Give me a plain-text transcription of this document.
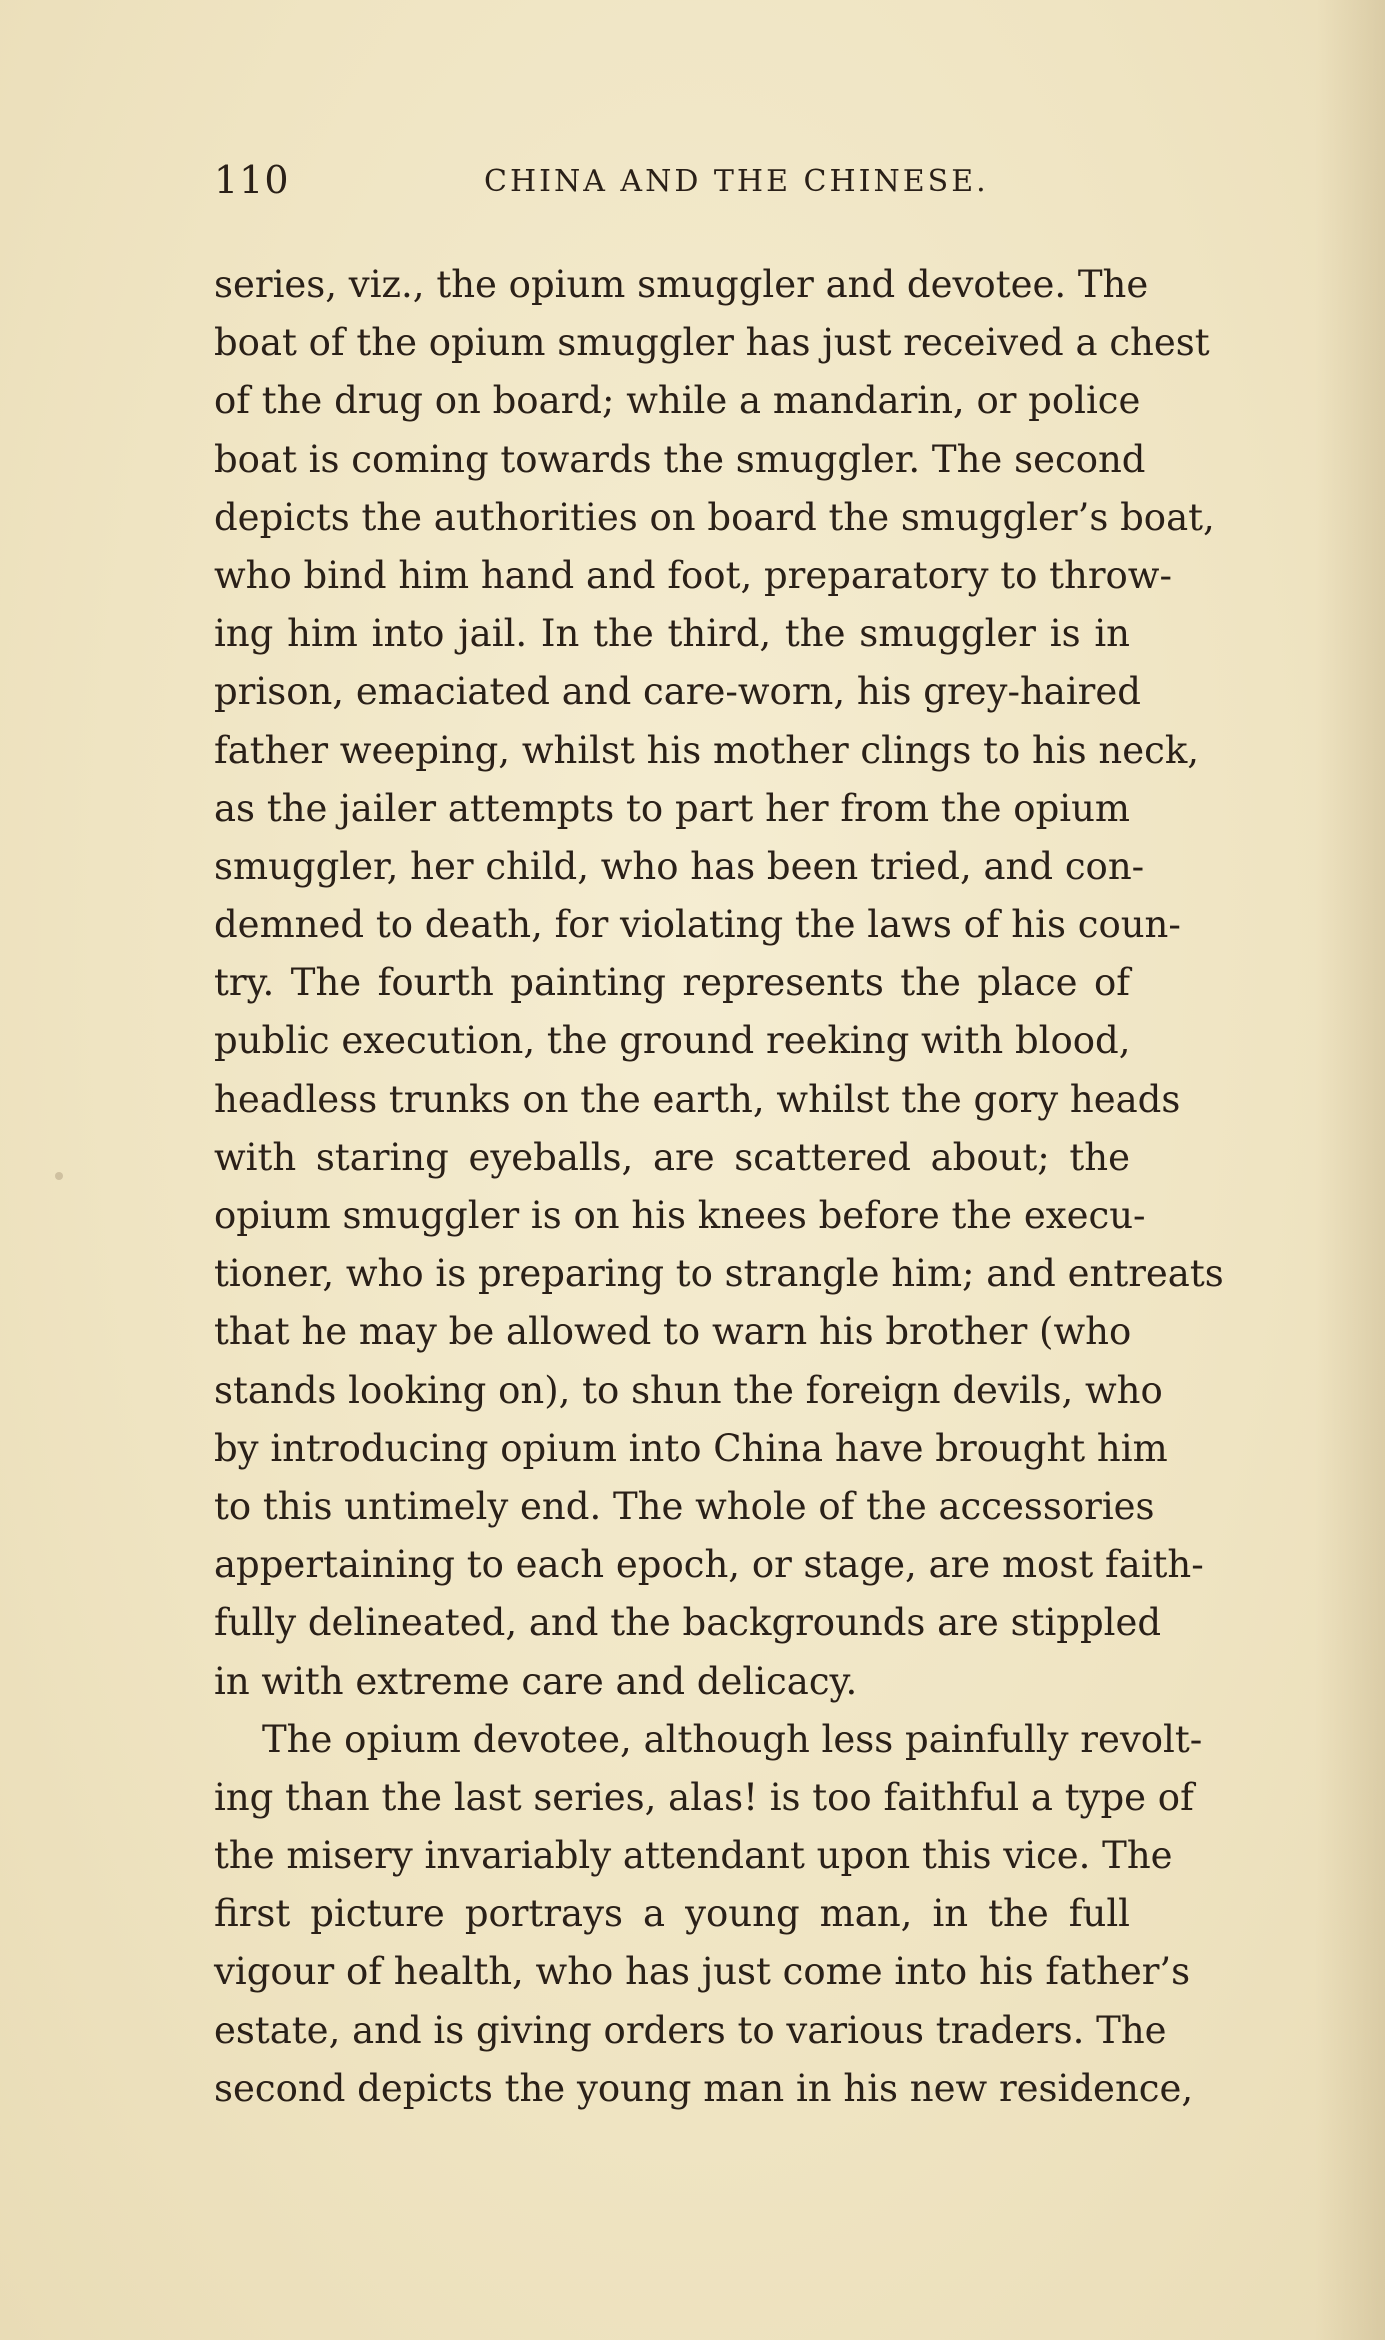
110	CHINA AND THE CHINESE.
series, viz., the opium smuggler and devotee. The
boat of the opium smuggler has just received a chest
of the drug on board; while a mandarin, or police
boat is coming towards the smuggler. The second
depicts the authorities on board the smuggler’s boat,
who bind him hand and foot, preparatory to throw-
ing him into jail. In the third, the smuggler is in
prison, emaciated and care-worn, his grey-haired
father weeping, whilst his mother clings to his neck,
as the jailer attempts to part her from the opium
smuggler, her child, who has been tried, and con-
demned to death, for violating the laws of his coun-
try. The fourth painting represents the place of
public execution, the ground reeking with blood,
headless trunks on the earth, whilst the gory heads
with staring eyeballs, are scattered about; the
opium smuggler is on his knees before the execu-
tioner, who is preparing to strangle him; and entreats
that he may be allowed to warn his brother (who
stands looking on), to shun the foreign devils, who
by introducing opium into China have brought him
to this untimely end. The whole of the accessories
appertaining to each epoch, or stage, are most faith-
fully delineated, and the backgrounds are stippled
in with extreme care and delicacy.
The opium devotee, although less painfully revolt-
ing than the last series, alas! is too faithful a type of
the misery invariably attendant upon this vice. The
first picture portrays a young man, in the full
vigour of health, who has just come into his father’s
estate, and is giving orders to various traders. The
second depicts the young man in his new residence,
